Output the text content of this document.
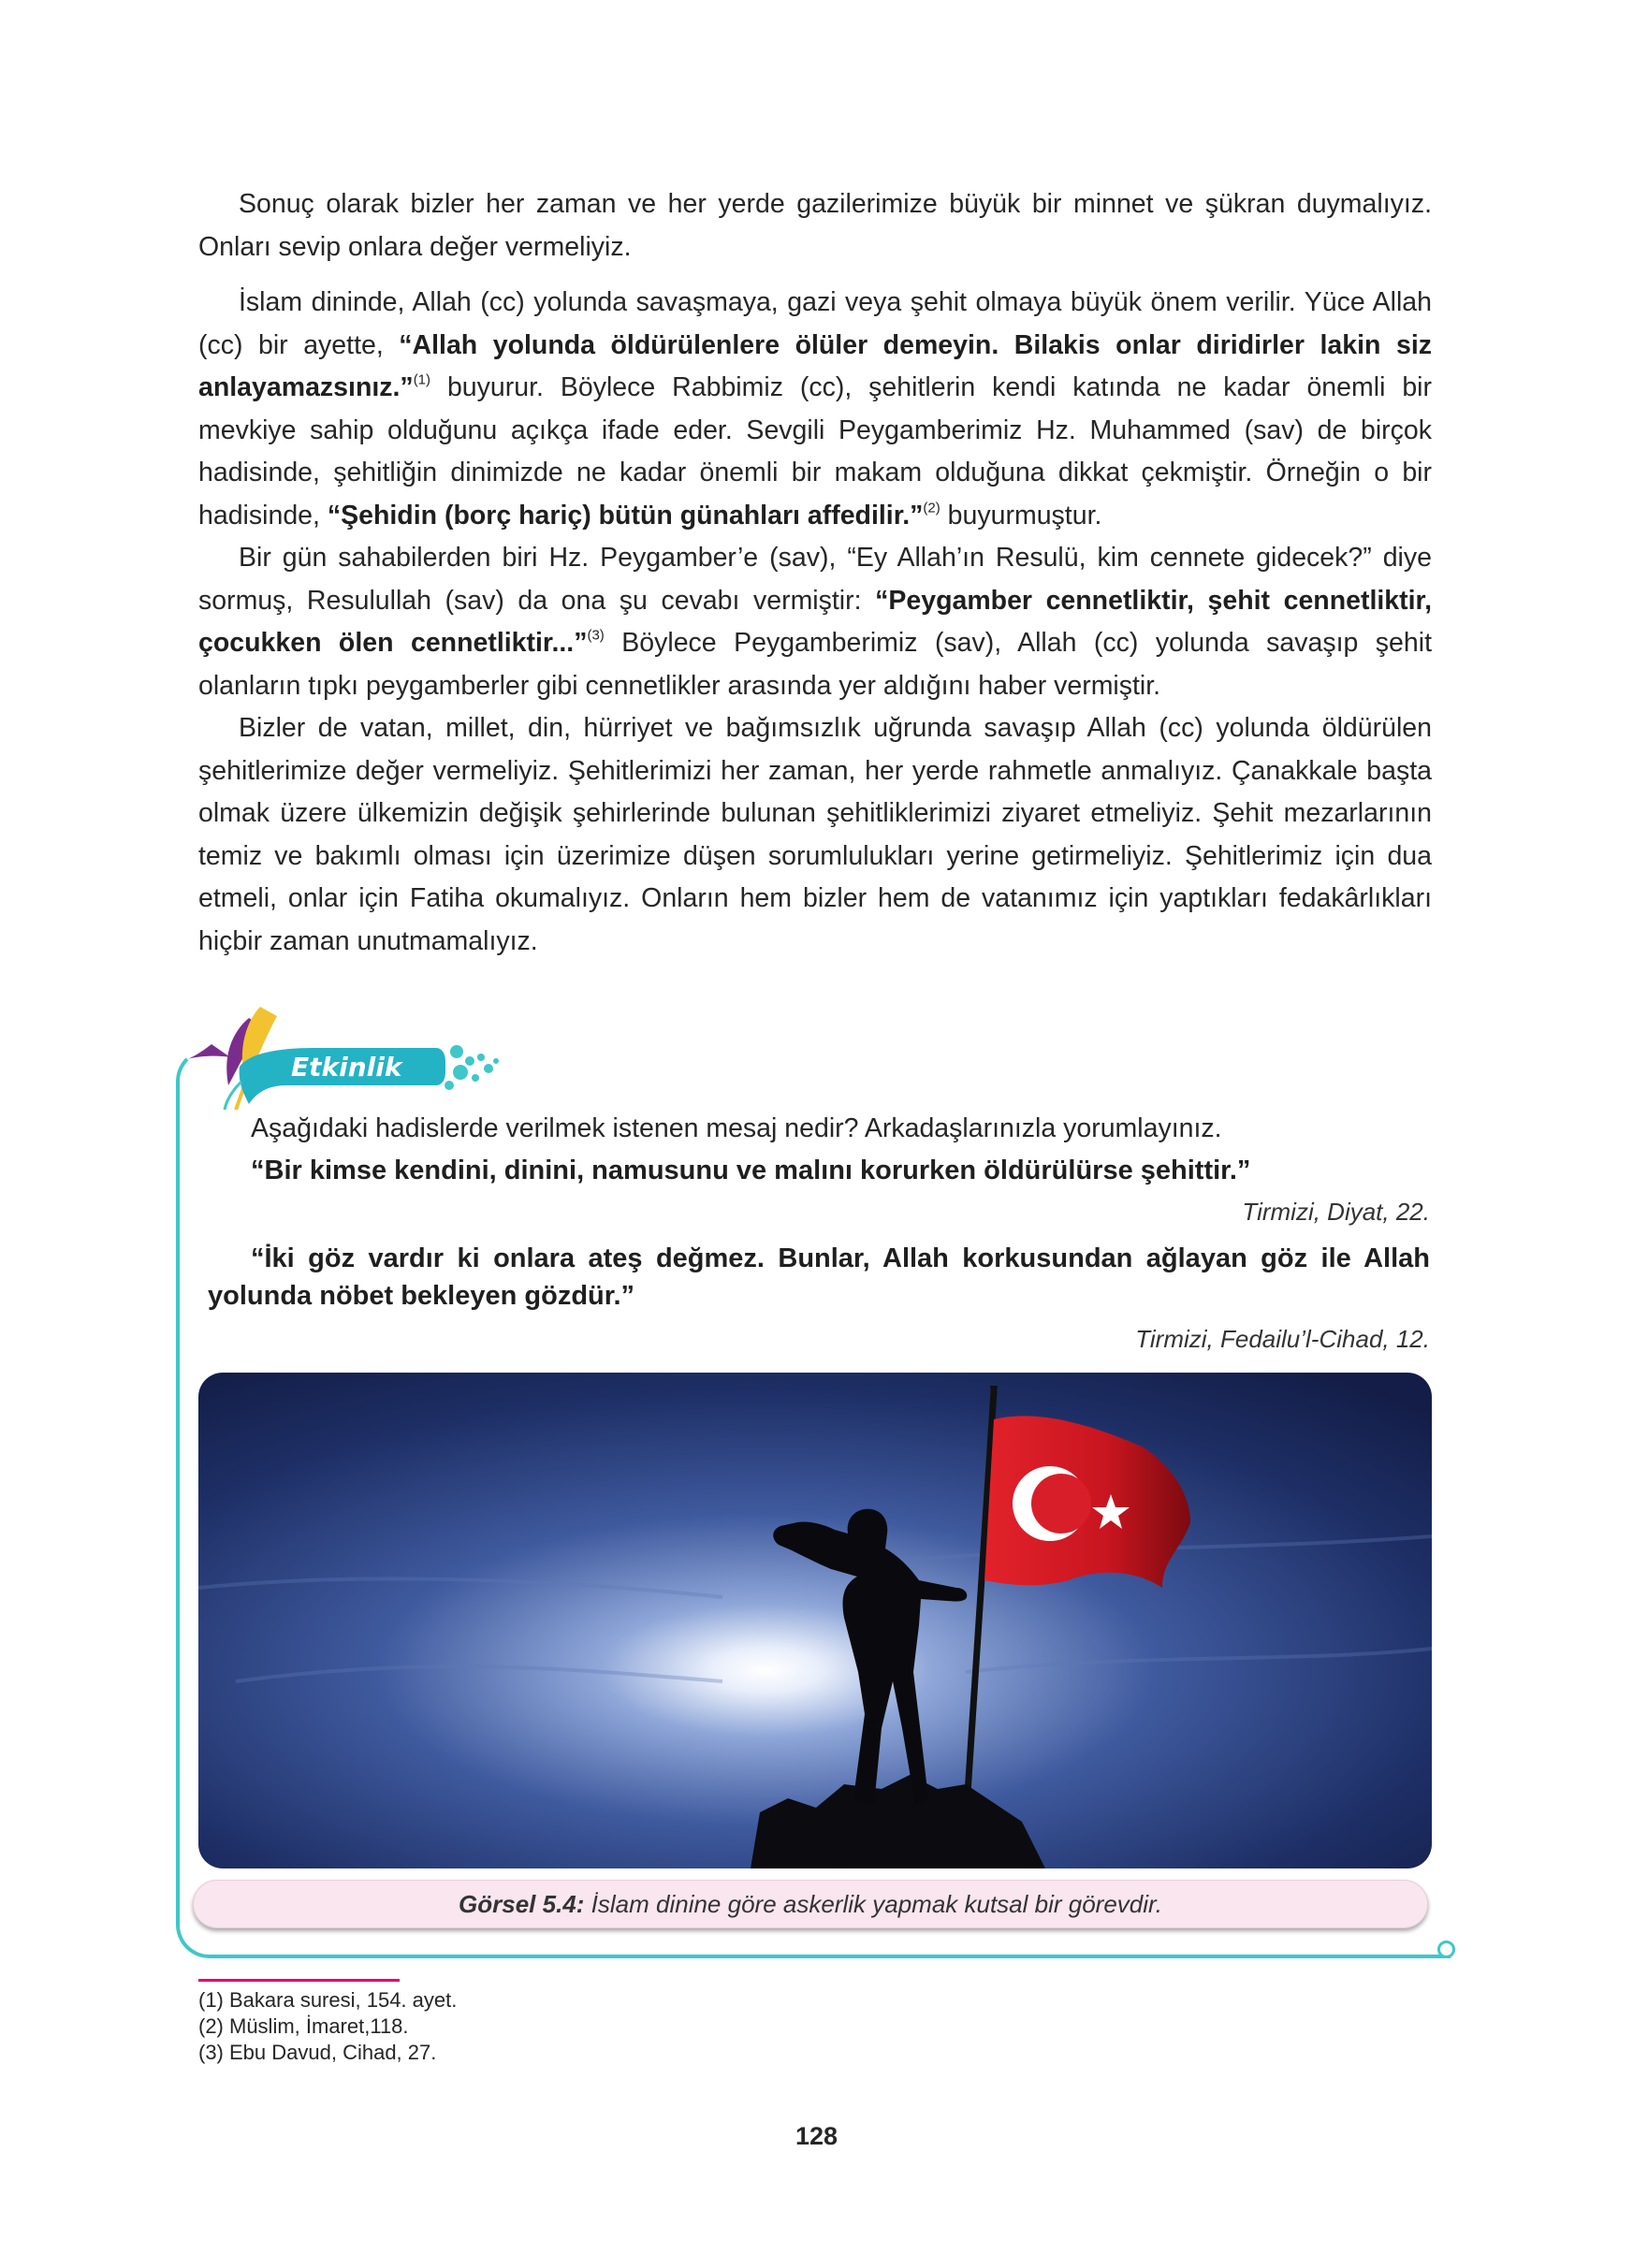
Sonuç olarak bizler her zaman ve her yerde gazilerimize büyük bir minnet ve şükran duymalıyız. Onları sevip onlara değer vermeliyiz.

İslam dininde, Allah (cc) yolunda savaşmaya, gazi veya şehit olmaya büyük önem verilir. Yüce Allah (cc) bir ayette, “Allah yolunda öldürülenlere ölüler demeyin. Bilakis onlar diridirler lakin siz anlayamazsınız.”$^{(1)}$ buyurur. Böylece Rabbimiz (cc), şehitlerin kendi katında ne kadar önemli bir mevkiye sahip olduğunu açıkça ifade eder. Sevgili Peygamberimiz Hz. Muhammed (sav) de birçok hadisinde, şehitliğin dinimizde ne kadar önemli bir makam olduğuna dikkat çekmiştir. Örneğin o bir hadisinde, “Şehidin (borç hariç) bütün günahları affedilir.”$^{(2)}$ buyurmuştur.

Bir gün sahabilerden biri Hz. Peygamber’e (sav), “Ey Allah’ın Resulü, kim cennete gidecek?” diye sormuş, Resulullah (sav) da ona şu cevabı vermiştir: “Peygamber cennetliktir, şehit cennetliktir, çocukken ölen cennetliktir...”$^{(3)}$ Böylece Peygamberimiz (sav), Allah (cc) yolunda savaşıp şehit olanların tıpkı peygamberler gibi cennetlikler arasında yer aldığını haber vermiştir.

Bizler de vatan, millet, din, hürriyet ve bağımsızlık uğrunda savaşıp Allah (cc) yolunda öldürülen şehitlerimize değer vermeliyiz. Şehitlerimizi her zaman, her yerde rahmetle anmalıyız. Çanakkale başta olmak üzere ülkemizin değişik şehirlerinde bulunan şehitliklerimizi ziyaret etmeliyiz. Şehit mezarlarının temiz ve bakımlı olması için üzerimize düşen sorumlulukları yerine getirmeliyiz. Şehitlerimiz için dua etmeli, onlar için Fatiha okumalıyız. Onların hem bizler hem de vatanımız için yaptıkları fedakârlıkları hiçbir zaman unutmamalıyız.

Etkinlik

Aşağıdaki hadislerde verilmek istenen mesaj nedir? Arkadaşlarınızla yorumlayınız.

“Bir kimse kendini, dinini, namusunu ve malını korurken öldürülürse şehittir.”

Tirmizi, Diyat, 22.

“İki göz vardır ki onlara ateş değmez. Bunlar, Allah korkusundan ağlayan göz ile Allah yolunda nöbet bekleyen gözdür.”

Tirmizi, Fedailu’l-Cihad, 12.

Görsel 5.4: İslam dinine göre askerlik yapmak kutsal bir görevdir.
(1) Bakara suresi, 154. ayet.
(2) Müslim, İmaret,118.
(3) Ebu Davud, Cihad, 27.
128
